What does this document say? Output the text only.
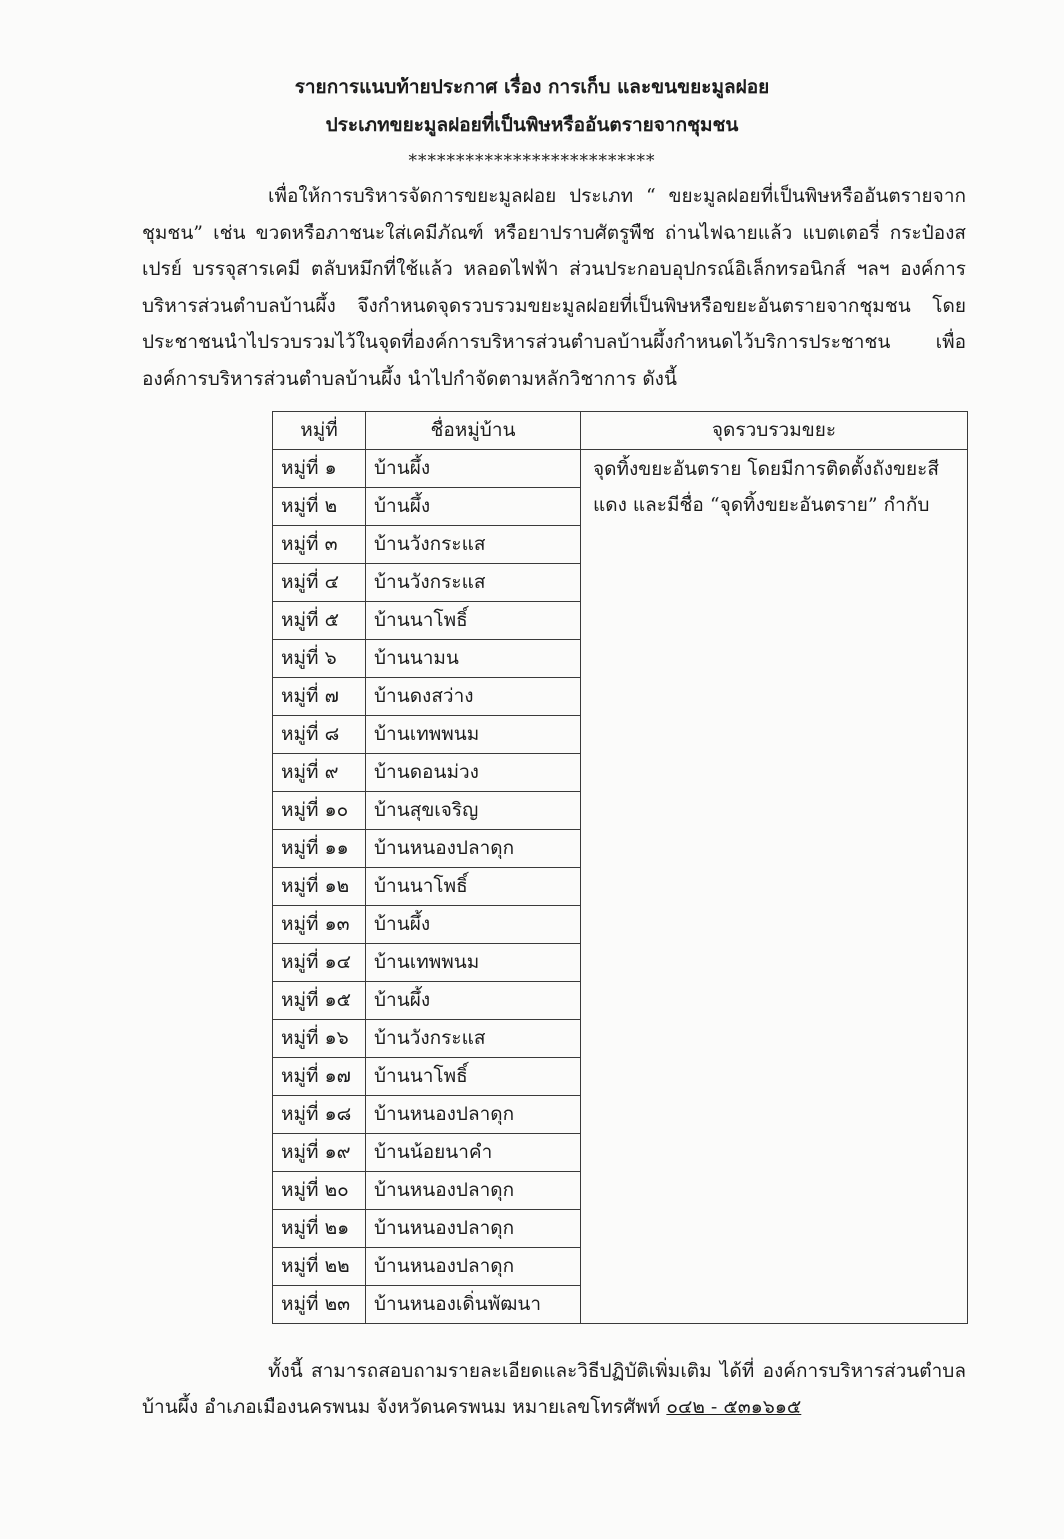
รายการแนบท้ายประกาศ เรื่อง การเก็บ และขนขยะมูลฝอย
ประเภทขยะมูลฝอยที่เป็นพิษหรืออันตรายจากชุมชน
**************************

เพื่อให้การบริหารจัดการขยะมูลฝอย ประเภท “ ขยะมูลฝอยที่เป็นพิษหรืออันตรายจากชุมชน” เช่น ขวดหรือภาชนะใส่เคมีภัณฑ์ หรือยาปราบศัตรูพืช ถ่านไฟฉายแล้ว แบตเตอรี่ กระป๋องสเปรย์ บรรจุสารเคมี ตลับหมึกที่ใช้แล้ว หลอดไฟฟ้า ส่วนประกอบอุปกรณ์อิเล็กทรอนิกส์ ฯลฯ องค์การบริหารส่วนตำบลบ้านผึ้ง จึงกำหนดจุดรวบรวมขยะมูลฝอยที่เป็นพิษหรือขยะอันตรายจากชุมชน โดยประชาชนนำไปรวบรวมไว้ในจุดที่องค์การบริหารส่วนตำบลบ้านผึ้งกำหนดไว้บริการประชาชน เพื่อองค์การบริหารส่วนตำบลบ้านผึ้ง นำไปกำจัดตามหลักวิชาการ ดังนี้

หมู่ที่	ชื่อหมู่บ้าน	จุดรวบรวมขยะ
หมู่ที่ ๑	บ้านผึ้ง	จุดทิ้งขยะอันตราย โดยมีการติดตั้งถังขยะสีแดง และมีชื่อ “จุดทิ้งขยะอันตราย” กำกับ
หมู่ที่ ๒	บ้านผึ้ง	
หมู่ที่ ๓	บ้านวังกระแส	
หมู่ที่ ๔	บ้านวังกระแส	
หมู่ที่ ๕	บ้านนาโพธิ์	
หมู่ที่ ๖	บ้านนามน	
หมู่ที่ ๗	บ้านดงสว่าง	
หมู่ที่ ๘	บ้านเทพพนม	
หมู่ที่ ๙	บ้านดอนม่วง	
หมู่ที่ ๑๐	บ้านสุขเจริญ	
หมู่ที่ ๑๑	บ้านหนองปลาดุก	
หมู่ที่ ๑๒	บ้านนาโพธิ์	
หมู่ที่ ๑๓	บ้านผึ้ง	
หมู่ที่ ๑๔	บ้านเทพพนม	
หมู่ที่ ๑๕	บ้านผึ้ง	
หมู่ที่ ๑๖	บ้านวังกระแส	
หมู่ที่ ๑๗	บ้านนาโพธิ์	
หมู่ที่ ๑๘	บ้านหนองปลาดุก	
หมู่ที่ ๑๙	บ้านน้อยนาคำ	
หมู่ที่ ๒๐	บ้านหนองปลาดุก	
หมู่ที่ ๒๑	บ้านหนองปลาดุก	
หมู่ที่ ๒๒	บ้านหนองปลาดุก	
หมู่ที่ ๒๓	บ้านหนองเดิ่นพัฒนา	

ทั้งนี้ สามารถสอบถามรายละเอียดและวิธีปฏิบัติเพิ่มเติม ได้ที่ องค์การบริหารส่วนตำบลบ้านผึ้ง อำเภอเมืองนครพนม จังหวัดนครพนม หมายเลขโทรศัพท์ ๐๔๒ - ๕๓๑๖๑๕
